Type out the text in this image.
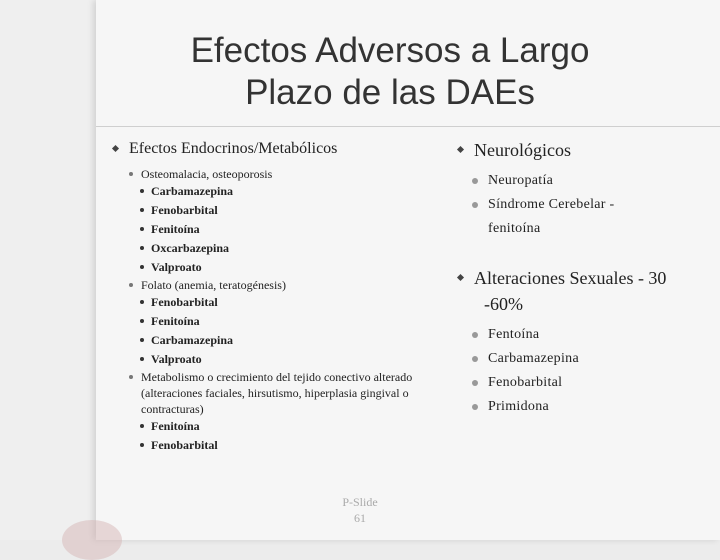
Efectos Adversos a Largo
Plazo de las DAEs
Efectos Endocrinos/Metabólicos
Osteomalacia, osteoporosis
Carbamazepina
Fenobarbital
Fenitoína
Oxcarbazepina
Valproato
Folato (anemia, teratogénesis)
Fenobarbital
Fenitoína
Carbamazepina
Valproato
Metabolismo o crecimiento del tejido conectivo alterado
(alteraciones faciales, hirsutismo, hiperplasia gingival o
contracturas)
Fenitoína
Fenobarbital
Neurológicos
Neuropatía
Síndrome Cerebelar -
fenitoína
Alteraciones Sexuales - 30
-60%
Fentoína
Carbamazepina
Fenobarbital
Primidona
P-Slide
61
